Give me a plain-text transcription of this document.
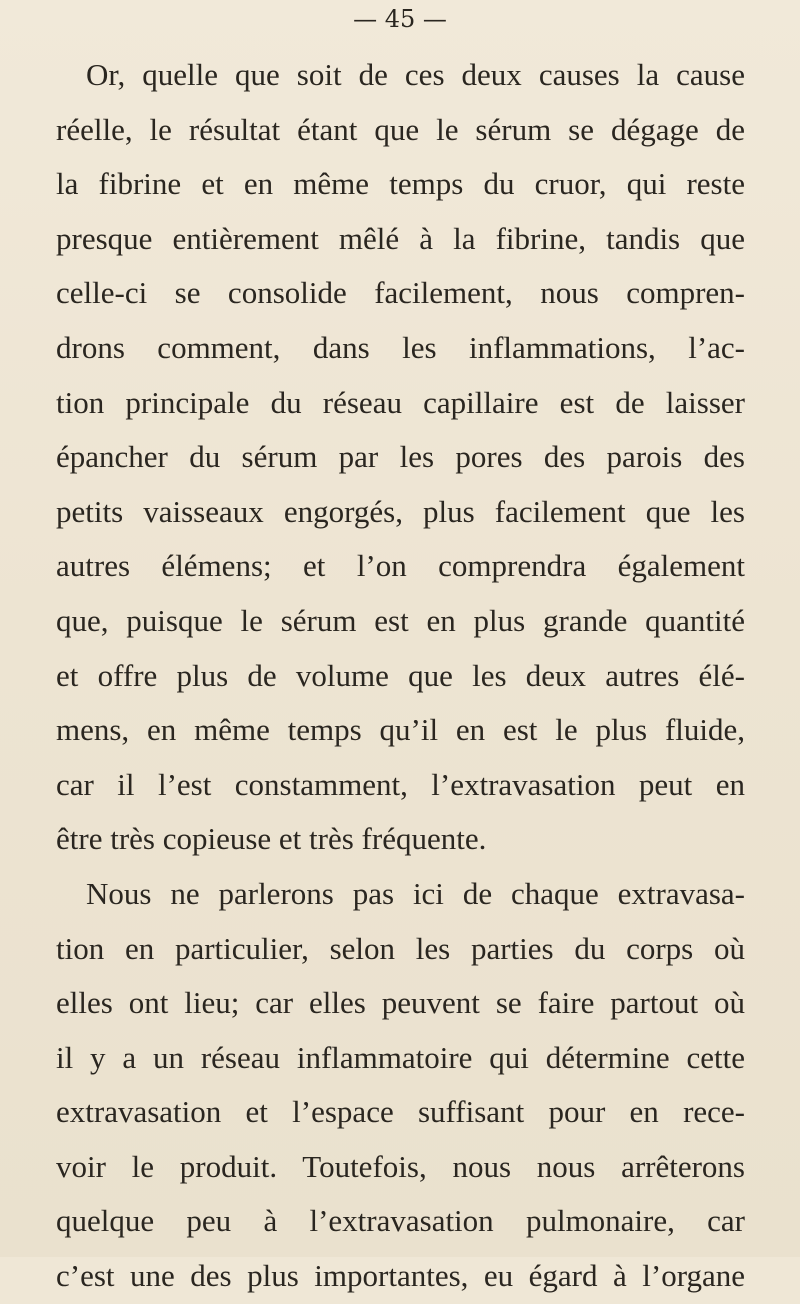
— 45 —
Or, quelle que soit de ces deux causes la cause
réelle, le résultat étant que le sérum se dégage de
la fibrine et en même temps du cruor, qui reste
presque entièrement mêlé à la fibrine, tandis que
celle-ci se consolide facilement, nous compren-
drons comment, dans les inflammations, l’ac-
tion principale du réseau capillaire est de laisser
épancher du sérum par les pores des parois des
petits vaisseaux engorgés, plus facilement que les
autres élémens; et l’on comprendra également
que, puisque le sérum est en plus grande quantité
et offre plus de volume que les deux autres élé-
mens, en même temps qu’il en est le plus fluide,
car il l’est constamment, l’extravasation peut en
être très copieuse et très fréquente.
Nous ne parlerons pas ici de chaque extravasa-
tion en particulier, selon les parties du corps où
elles ont lieu; car elles peuvent se faire partout où
il y a un réseau inflammatoire qui détermine cette
extravasation et l’espace suffisant pour en rece-
voir le produit. Toutefois, nous nous arrêterons
quelque peu à l’extravasation pulmonaire, car
c’est une des plus importantes, eu égard à l’organe
